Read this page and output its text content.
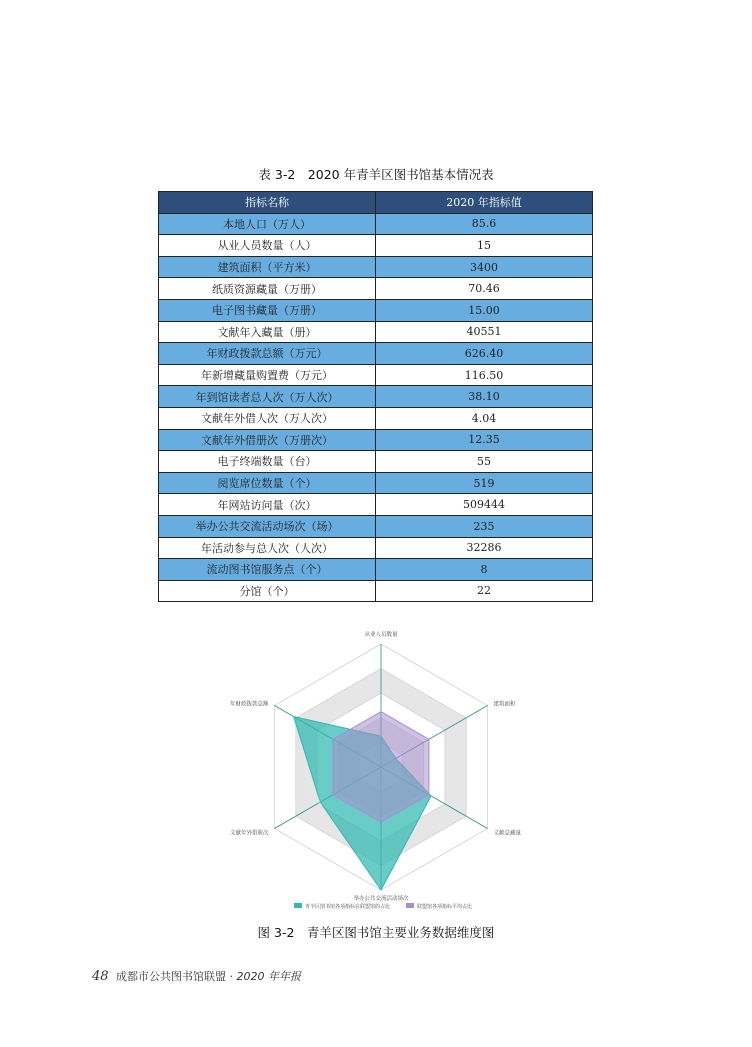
表 3-2　2020 年青羊区图书馆基本情况表
指标名称	2020 年指标值
本地人口（万人）	85.6
从业人员数量（人）	15
建筑面积（平方米）	3400
纸质资源藏量（万册）	70.46
电子图书藏量（万册）	15.00
文献年入藏量（册）	40551
年财政拨款总额（万元）	626.40
年新增藏量购置费（万元）	116.50
年到馆读者总人次（万人次）	38.10
文献年外借人次（万人次）	4.04
文献年外借册次（万册次）	12.35
电子终端数量（台）	55
阅览席位数量（个）	519
年网站访问量（次）	509444
举办公共交流活动场次（场）	235
年活动参与总人次（人次）	32286
流动图书馆服务点（个）	8
分馆（个）	22
从业人员数量
建筑面积
文献总藏量
举办公共交流活动场次
文献年外借册次
年财政拨款总额
青羊区图书馆各项指标在联盟馆的占比	联盟馆各项指标平均占比
图 3-2　青羊区图书馆主要业务数据维度图
48 成都市公共图书馆联盟 · 2020 年年报
